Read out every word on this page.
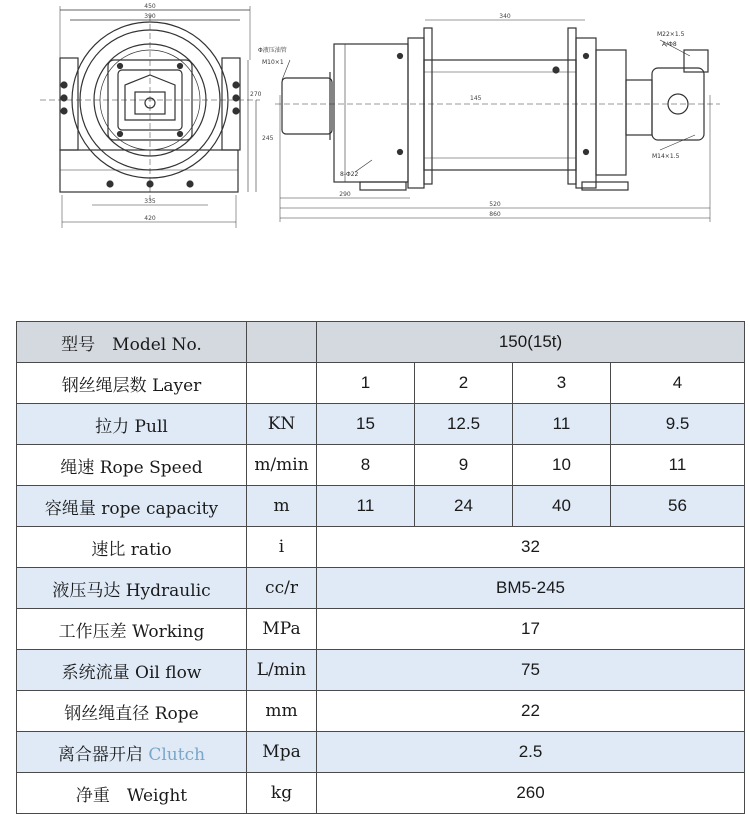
450
390	340
290
520
860
420
335
245
270
145
Φ液压油管
M10×1
M22×1.5
A/Φ8
M14×1.5
8-Φ22
型号　Model No.		150(15t)			
钢丝绳层数 Layer		1	2	3	4
拉力 Pull	KN	15	12.5	11	9.5
绳速 Rope Speed	m/min	8	9	10	11
容绳量 rope capacity	m	11	24	40	56
速比 ratio	i	32			
液压马达 Hydraulic	cc/r	BM5-245			
工作压差 Working	MPa	17			
系统流量 Oil flow	L/min	75			
钢丝绳直径 Rope	mm	22			
离合器开启 Clutch	Mpa	2.5			
净重　Weight	kg	260			
